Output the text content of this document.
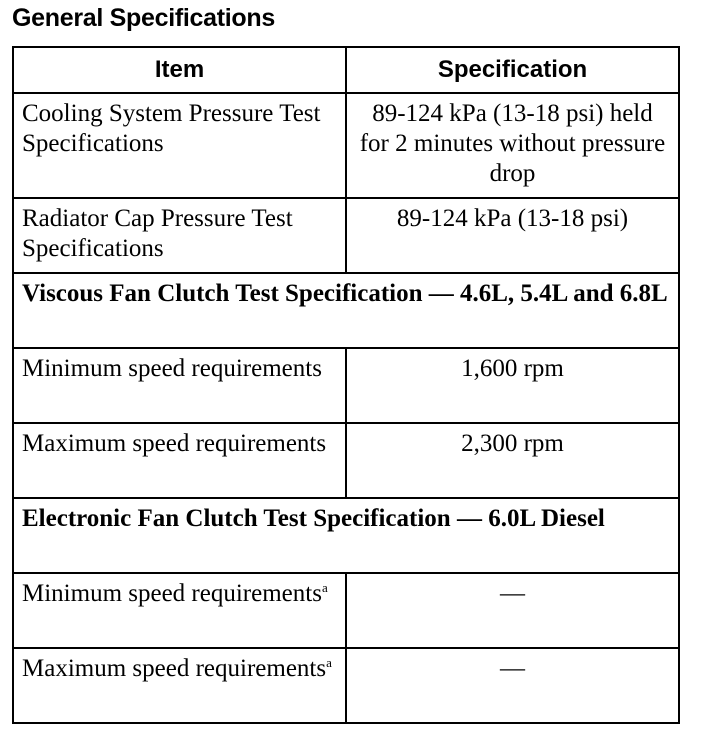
General Specifications
Item	Specification
Cooling System Pressure Test Specifications	89-124 kPa (13-18 psi) held for 2 minutes without pressure drop
Radiator Cap Pressure Test Specifications	89-124 kPa (13-18 psi)
Viscous Fan Clutch Test Specification — 4.6L, 5.4L and 6.8L	
Minimum speed requirements	1,600 rpm
Maximum speed requirements	2,300 rpm
Electronic Fan Clutch Test Specification — 6.0L Diesel	
Minimum speed requirements$^a$	—
Maximum speed requirements$^a$	—
